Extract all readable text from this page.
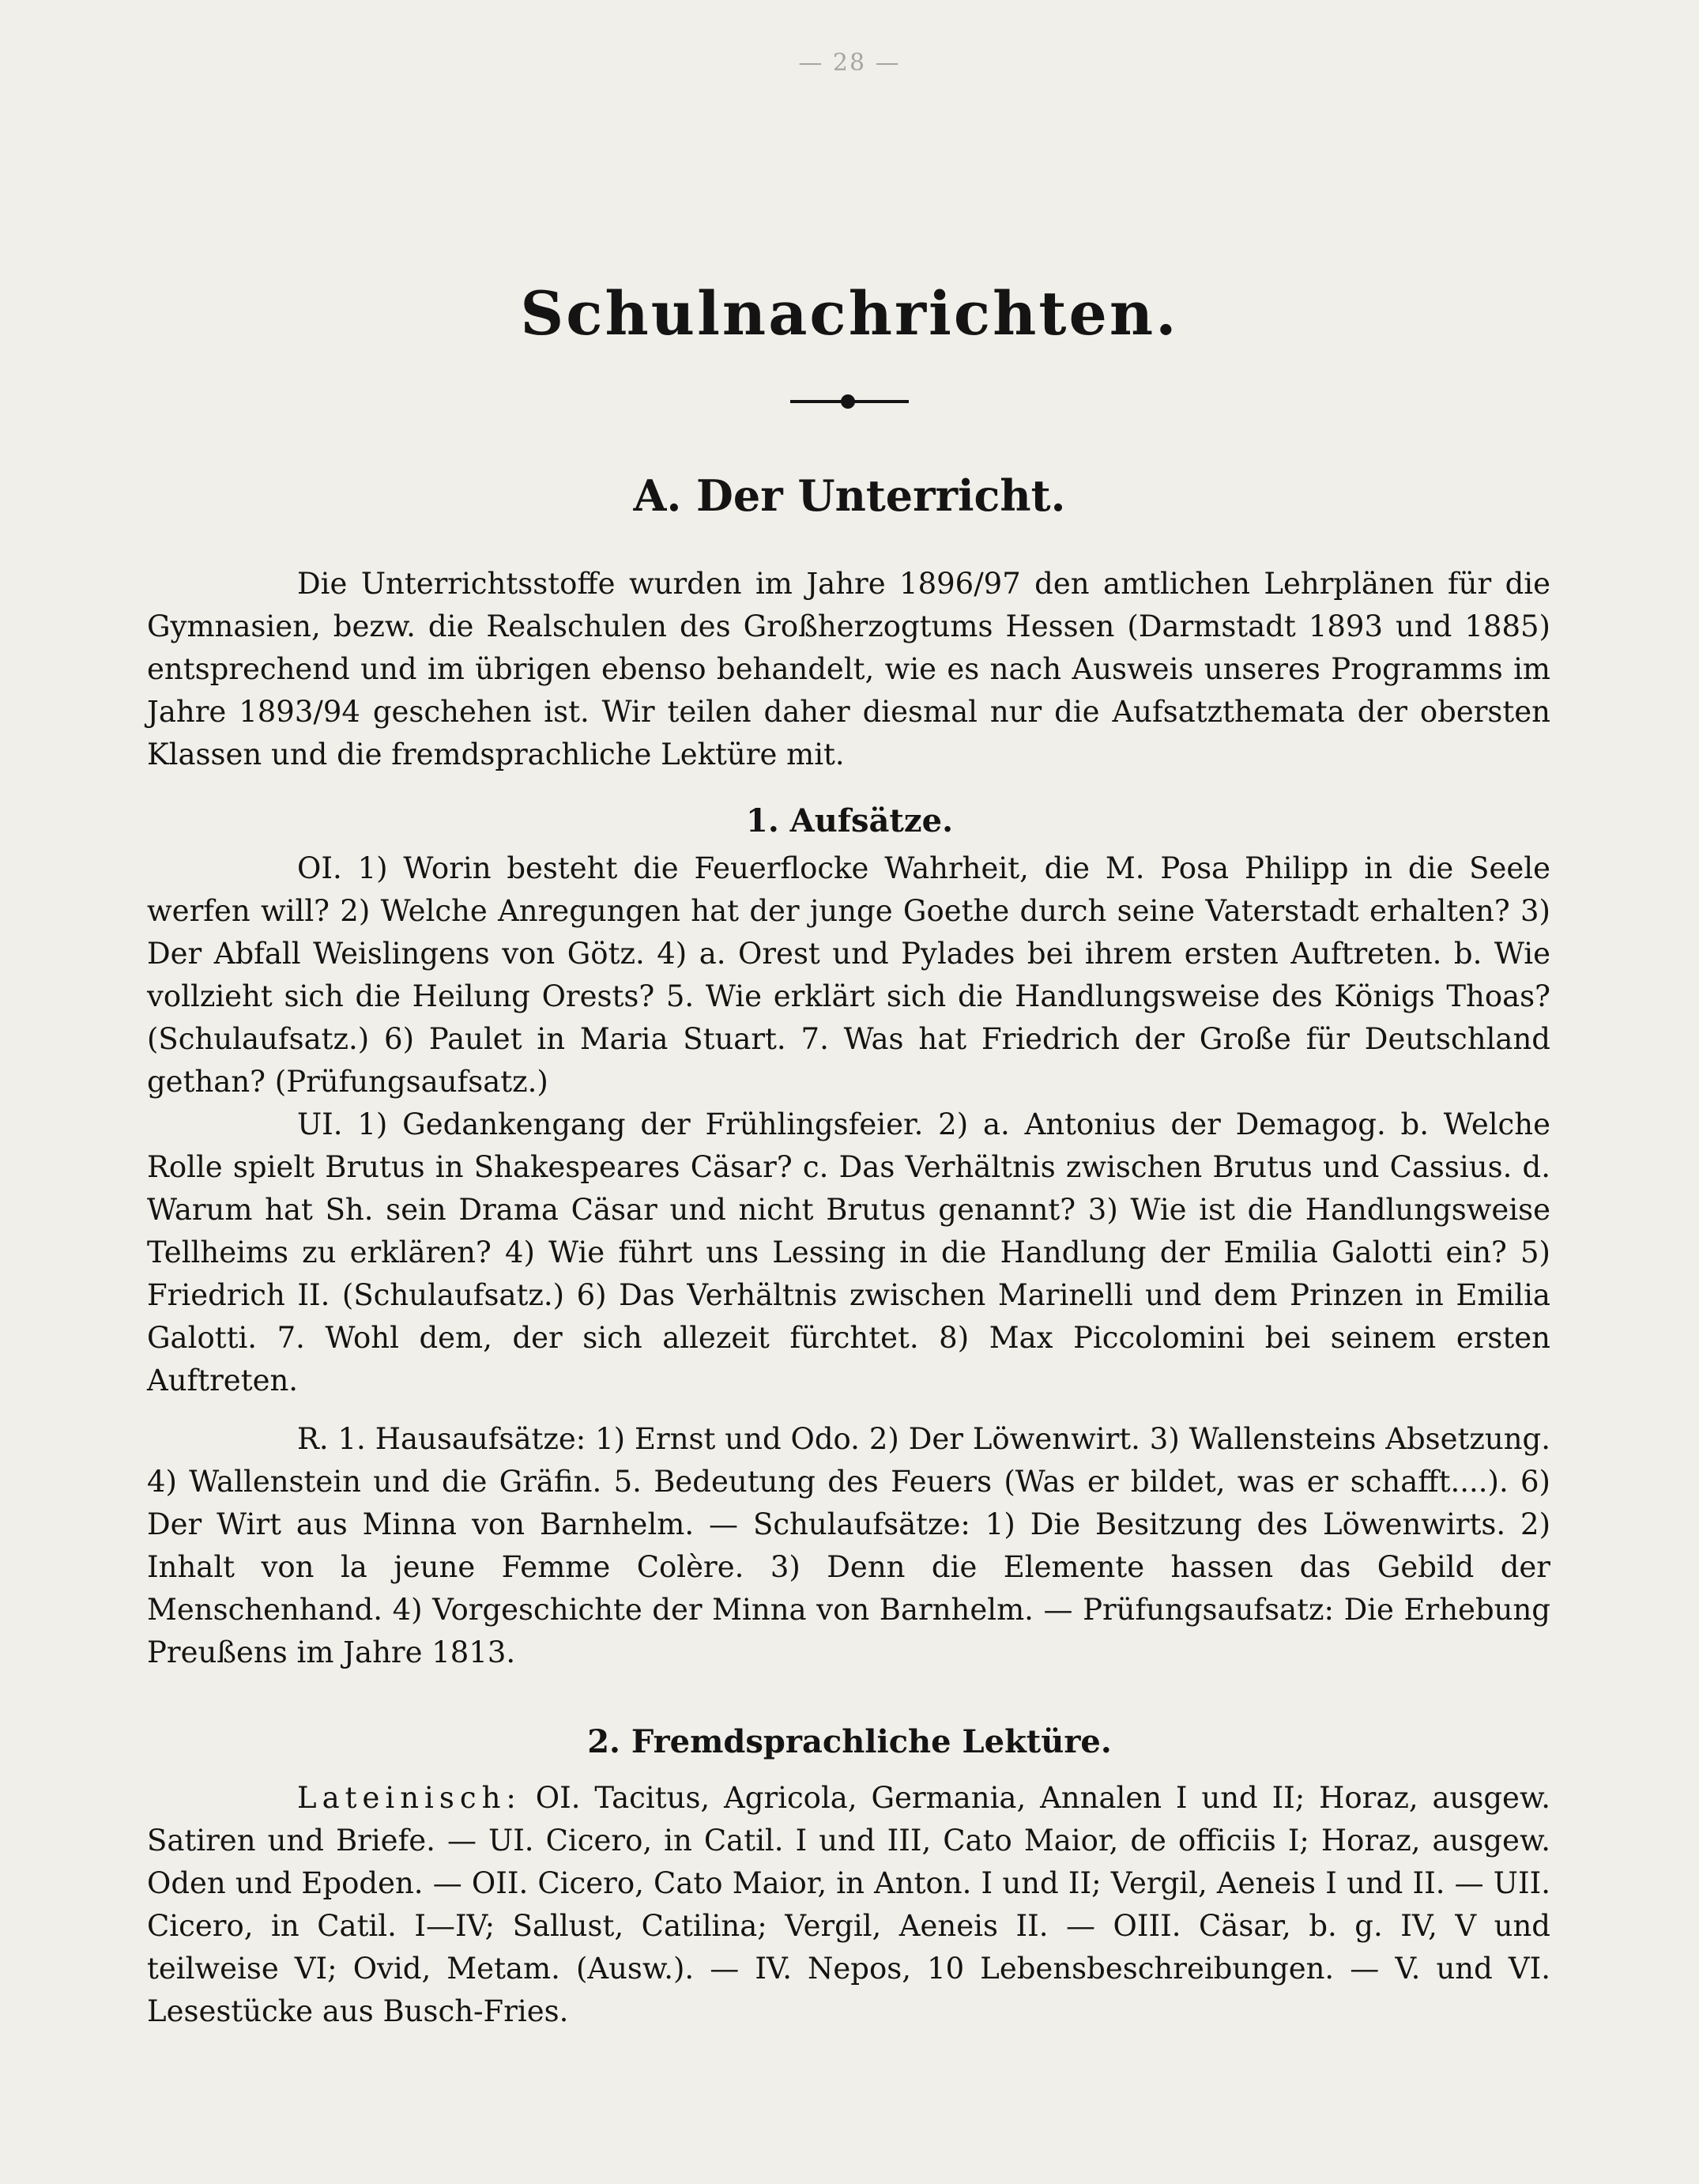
— 28 —
Schulnachrichten.
A. Der Unterricht.
Die Unterrichtsstoffe wurden im Jahre 1896/97 den amtlichen Lehrplänen für die Gymnasien, bezw. die Realschulen des Großherzogtums Hessen (Darmstadt 1893 und 1885) entsprechend und im übrigen ebenso behandelt, wie es nach Ausweis unseres Programms im Jahre 1893/94 geschehen ist. Wir teilen daher diesmal nur die Aufsatzthemata der obersten Klassen und die fremdsprachliche Lektüre mit.
1. Aufsätze.
OI. 1) Worin besteht die Feuerflocke Wahrheit, die M. Posa Philipp in die Seele werfen will? 2) Welche Anregungen hat der junge Goethe durch seine Vaterstadt erhalten? 3) Der Abfall Weislingens von Götz. 4) a. Orest und Pylades bei ihrem ersten Auftreten. b. Wie vollzieht sich die Heilung Orests? 5. Wie erklärt sich die Handlungsweise des Königs Thoas? (Schulaufsatz.) 6) Paulet in Maria Stuart. 7. Was hat Friedrich der Große für Deutschland gethan? (Prüfungsaufsatz.)
UI. 1) Gedankengang der Frühlingsfeier. 2) a. Antonius der Demagog. b. Welche Rolle spielt Brutus in Shakespeares Cäsar? c. Das Verhältnis zwischen Brutus und Cassius. d. Warum hat Sh. sein Drama Cäsar und nicht Brutus genannt? 3) Wie ist die Handlungsweise Tellheims zu erklären? 4) Wie führt uns Lessing in die Handlung der Emilia Galotti ein? 5) Friedrich II. (Schulaufsatz.) 6) Das Verhältnis zwischen Marinelli und dem Prinzen in Emilia Galotti. 7. Wohl dem, der sich allezeit fürchtet. 8) Max Piccolomini bei seinem ersten Auftreten.
R. 1. Hausaufsätze: 1) Ernst und Odo. 2) Der Löwenwirt. 3) Wallensteins Absetzung. 4) Wallenstein und die Gräfin. 5. Bedeutung des Feuers (Was er bildet, was er schafft....). 6) Der Wirt aus Minna von Barnhelm. — Schulaufsätze: 1) Die Besitzung des Löwenwirts. 2) Inhalt von la jeune Femme Colère. 3) Denn die Elemente hassen das Gebild der Menschenhand. 4) Vorgeschichte der Minna von Barnhelm. — Prüfungsaufsatz: Die Erhebung Preußens im Jahre 1813.
2. Fremdsprachliche Lektüre.
Lateinisch: OI. Tacitus, Agricola, Germania, Annalen I und II; Horaz, ausgew. Satiren und Briefe. — UI. Cicero, in Catil. I und III, Cato Maior, de officiis I; Horaz, ausgew. Oden und Epoden. — OII. Cicero, Cato Maior, in Anton. I und II; Vergil, Aeneis I und II. — UII. Cicero, in Catil. I—IV; Sallust, Catilina; Vergil, Aeneis II. — OIII. Cäsar, b. g. IV, V und teilweise VI; Ovid, Metam. (Ausw.). — IV. Nepos, 10 Lebensbeschreibungen. — V. und VI. Lesestücke aus Busch-Fries.
